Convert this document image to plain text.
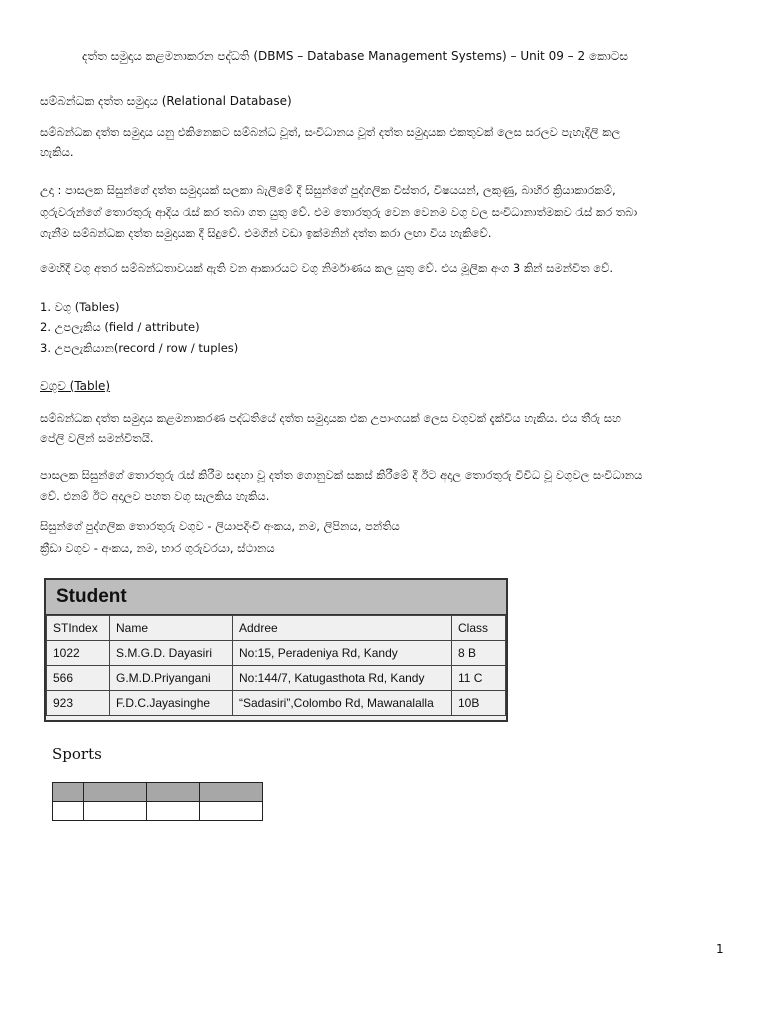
දත්ත සමුදාය කළමනාකරන පද්ධති (DBMS – Database Management Systems) – Unit 09 – 2 කොටස
සම්බන්ධක දත්ත සමුදාය (Relational Database)
සම්බන්ධක දත්ත සමුදාය යනු එකිනෙකට සම්බන්ධ වූත්, සංවිධානය වූත් දත්ත සමුදායක එකතුවක් ලෙස සරලව පැහැදිලි කල
හැකිය.
උදා : පාසලක සිසුන්ගේ දත්ත සමුදායක් සලකා බැලීමේ දී සිසුන්ගේ පුද්ගලික විස්තර, විෂයයන්, ලකුණු, බාහිර ක්‍රියාකාරකම්,
ගුරුවරුන්ගේ තොරතුරු ආදිය රැස් කර තබා ගත යුතු වේ. එම තොරතුරු වෙන වෙනම වගු වල සංවිධානාත්මකව රැස් කර තබා
ගැනීම සම්බන්ධක දත්ත සමුදායක දී සිදුවේ. එමගින් වඩා ඉක්මනින් දත්ත කරා ලඟා විය හැකිවේ.
මෙහිදී වගු අතර සම්බන්ධතාවයක් ඇති වන ආකාරයට වගු නිර්මාණය කල යුතු වේ. එය මූලික අංග 3 කින් සමන්විත වේ.
1. වගු (Tables)
2. උපලැකිය (field / attribute)
3. උපලැකියාන(record / row / tuples)
වගුව (Table)
සම්බන්ධක දත්ත සමුදාය කළමනාකරණ පද්ධතියේ දත්ත සමුදායක එක උපාංගයක් ලෙස වගුවක් දැක්විය හැකිය. එය තීරු සහ
පේලි වලින් සමන්විතයි.
පාසලක සිසුන්ගේ තොරතුරු රැස් කිරීම සඳහා වූ දත්ත ගොනුවක් සකස් කිරීමේ දී ඊට අදාල තොරතුරු විවිධ වූ වගුවල සංවිධානය
වේ. එනම් ඊට අදාලව පහත වගු සැලකිය හැකිය.
සිසුන්ගේ පුද්ගලික තොරතුරු වගුව - ලියාපදිංචි අංකය, නම, ලිපිනය, පන්තිය
ක්‍රීඩා වගුව - අංකය, නම, භාර ගුරුවරයා, ස්ථානය
Student
STIndex	Name	Addree	Class
1022	S.M.G.D. Dayasiri	No:15, Peradeniya Rd, Kandy	8 B
566	G.M.D.Priyangani	No:144/7, Katugasthota Rd, Kandy	11 C
923	F.D.C.Jayasinghe	“Sadasiri”,Colombo Rd, Mawanalalla	10B
Sports

1
